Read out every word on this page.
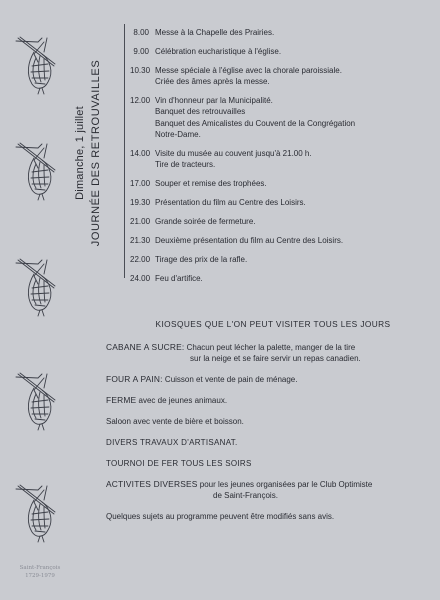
Saint-François
1729-1979
Dimanche, 1 juillet JOURNÉE DES RETROUVAILLES
8.00 Messe à la Chapelle des Prairies.
9.00 Célébration eucharistique à l'église.
10.30 Messe spéciale à l'église avec la chorale paroissiale.
Criée des âmes après la messe.
12.00 Vin d'honneur par la Municipalité.
Banquet des retrouvailles
Banquet des Amicalistes du Couvent de la Congrégation
Notre-Dame.
14.00 Visite du musée au couvent jusqu'à 21.00 h.
Tire de tracteurs.
17.00 Souper et remise des trophées.
19.30 Présentation du film au Centre des Loisirs.
21.00 Grande soirée de fermeture.
21.30 Deuxième présentation du film au Centre des Loisirs.
22.00 Tirage des prix de la rafle.
24.00 Feu d'artifice.
KIOSQUES QUE L'ON PEUT VISITER TOUS LES JOURS
CABANE A SUCRE: Chacun peut lécher la palette, manger de la tire
sur la neige et se faire servir un repas canadien.
FOUR A PAIN: Cuisson et vente de pain de ménage.
FERME avec de jeunes animaux.
Saloon avec vente de bière et boisson.
DIVERS TRAVAUX D'ARTISANAT.
TOURNOI DE FER TOUS LES SOIRS
ACTIVITES DIVERSES pour les jeunes organisées par le Club Optimiste
de Saint-François.
Quelques sujets au programme peuvent être modifiés sans avis.
